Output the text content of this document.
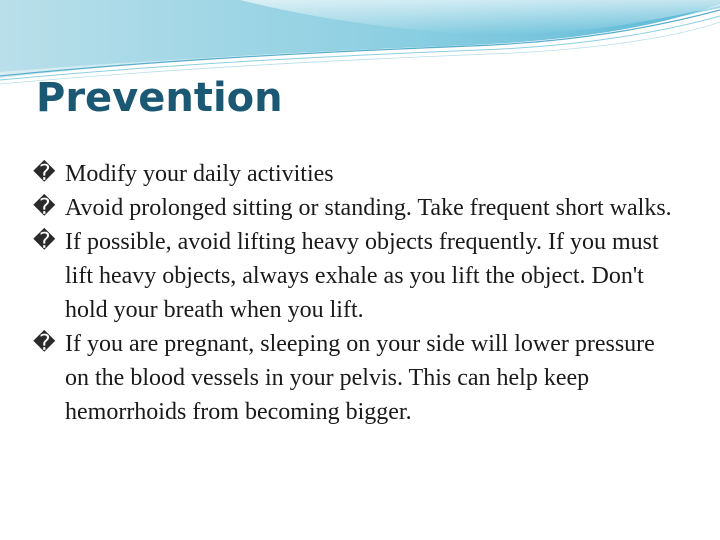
Prevention
� Modify your daily activities
� Avoid prolonged sitting or standing. Take frequent short walks.
� If possible, avoid lifting heavy objects frequently. If you must lift heavy objects, always exhale as you lift the object. Don't hold your breath when you lift.
� If you are pregnant, sleeping on your side will lower pressure on the blood vessels in your pelvis. This can help keep hemorrhoids from becoming bigger.
